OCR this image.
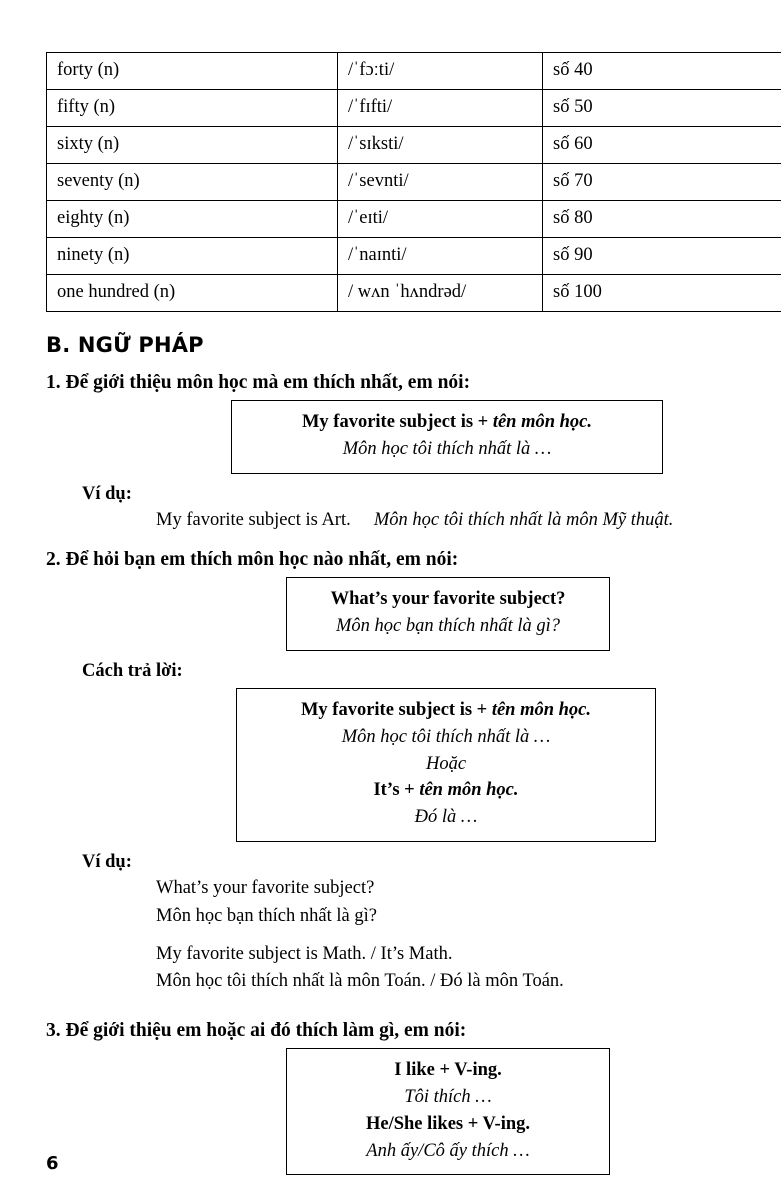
forty (n)	/ˈfɔːti/	số 40
fifty (n)	/ˈfɪfti/	số 50
sixty (n)	/ˈsɪksti/	số 60
seventy (n)	/ˈsevnti/	số 70
eighty (n)	/ˈeɪti/	số 80
ninety (n)	/ˈnaɪnti/	số 90
one hundred (n)	/ wʌn ˈhʌndrəd/	số 100
B. NGỮ PHÁP
1. Để giới thiệu môn học mà em thích nhất, em nói:
My favorite subject is + tên môn học.
Môn học tôi thích nhất là …
Ví dụ:
My favorite subject is Art. Môn học tôi thích nhất là môn Mỹ thuật.
2. Để hỏi bạn em thích môn học nào nhất, em nói:
What’s your favorite subject?
Môn học bạn thích nhất là gì?
Cách trả lời:
My favorite subject is + tên môn học.
Môn học tôi thích nhất là …
Hoặc
It’s + tên môn học.
Đó là …
Ví dụ:
What’s your favorite subject?
Môn học bạn thích nhất là gì?
My favorite subject is Math. / It’s Math.
Môn học tôi thích nhất là môn Toán. / Đó là môn Toán.
3. Để giới thiệu em hoặc ai đó thích làm gì, em nói:
I like + V-ing.
Tôi thích …
He/She likes + V-ing.
Anh ấy/Cô ấy thích …
6
